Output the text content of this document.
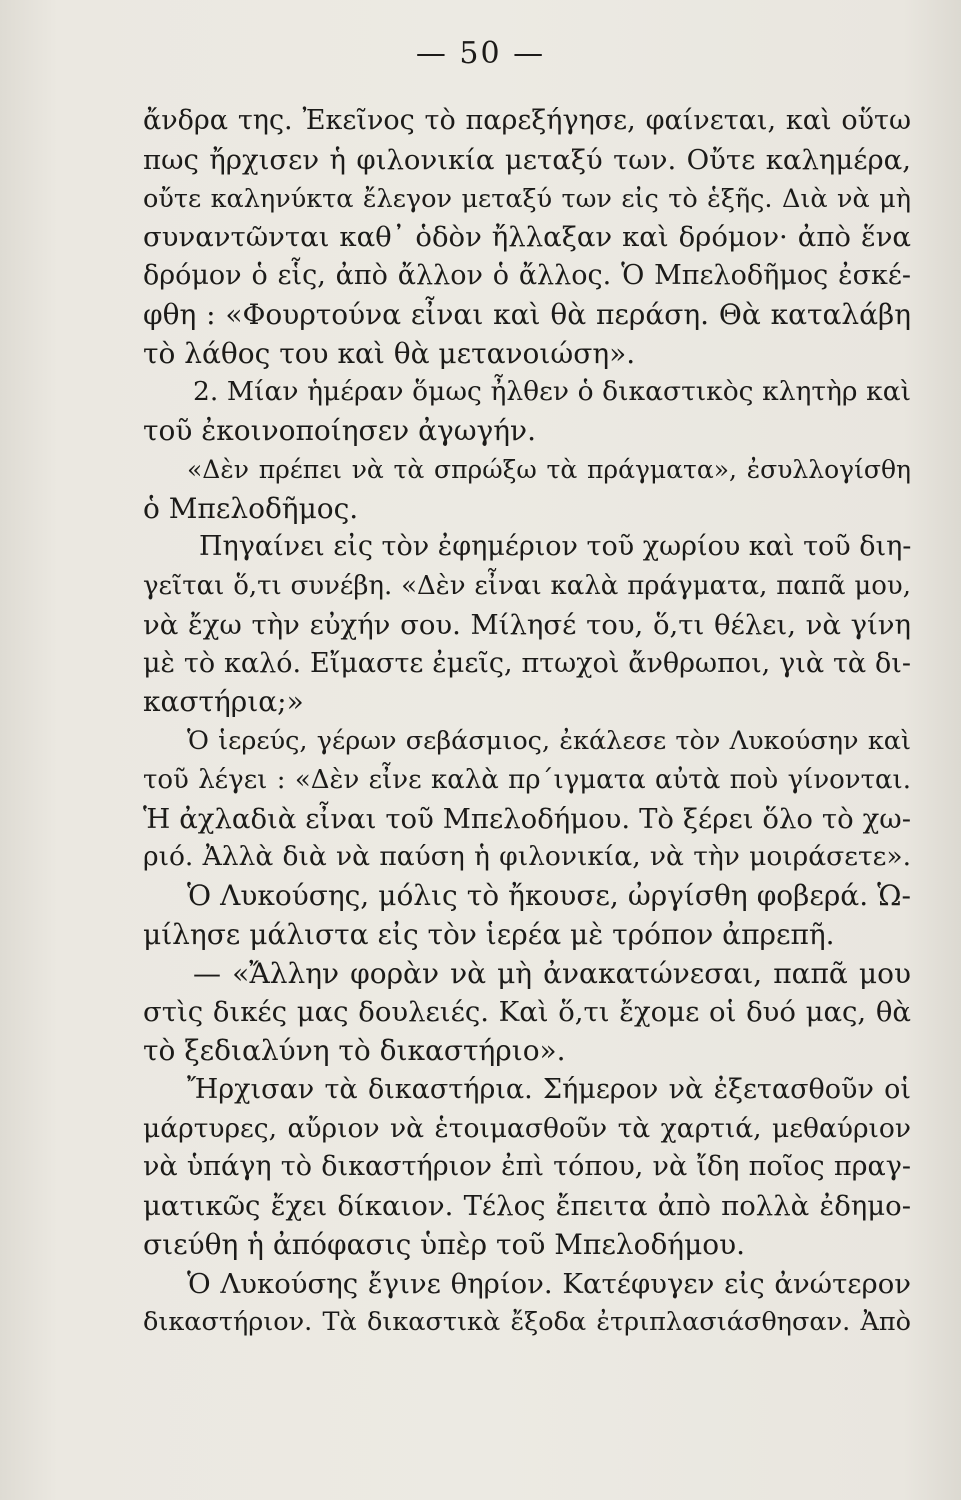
— 50 —
ἄνδρα της. Ἐκεῖνος τὸ παρεξήγησε, φαίνεται, καὶ οὕτω
πως ἤρχισεν ἡ φιλονικία μεταξύ των. Οὔτε καλημέρα,
οὔτε καληνύκτα ἔλεγον μεταξύ των εἰς τὸ ἑξῆς. Διὰ νὰ μὴ
συναντῶνται καθ᾽ ὁδὸν ἤλλαξαν καὶ δρόμον· ἀπὸ ἕνα
δρόμον ὁ εἷς, ἀπὸ ἄλλον ὁ ἄλλος. Ὁ Μπελοδῆμος ἐσκέ-
φθη : «Φουρτούνα εἶναι καὶ θὰ περάση. Θὰ καταλάβη
τὸ λάθος του καὶ θὰ μετανοιώση».
2. Μίαν ἡμέραν ὅμως ἦλθεν ὁ δικαστικὸς κλητὴρ καὶ
τοῦ ἐκοινοποίησεν ἀγωγήν.
«Δὲν πρέπει νὰ τὰ σπρώξω τὰ πράγματα», ἐσυλλογίσθη
ὁ Μπελοδῆμος.
Πηγαίνει εἰς τὸν ἐφημέριον τοῦ χωρίου καὶ τοῦ διη-
γεῖται ὅ,τι συνέβη. «Δὲν εἶναι καλὰ πράγματα, παπᾶ μου,
νὰ ἔχω τὴν εὐχήν σου. Μίλησέ του, ὅ,τι θέλει, νὰ γίνη
μὲ τὸ καλό. Εἴμαστε ἐμεῖς, πτωχοὶ ἄνθρωποι, γιὰ τὰ δι-
καστήρια;»
Ὁ ἱερεύς, γέρων σεβάσμιος, ἐκάλεσε τὸν Λυκούσην καὶ
τοῦ λέγει : «Δὲν εἶνε καλὰ πρ΄ιγματα αὐτὰ ποὺ γίνονται.
Ἡ ἀχλαδιὰ εἶναι τοῦ Μπελοδήμου. Τὸ ξέρει ὅλο τὸ χω-
ριό. Ἀλλὰ διὰ νὰ παύση ἡ φιλονικία, νὰ τὴν μοιράσετε».
Ὁ Λυκούσης, μόλις τὸ ἤκουσε, ὠργίσθη φοβερά. Ὡ-
μίλησε μάλιστα εἰς τὸν ἱερέα μὲ τρόπον ἀπρεπῆ.
— «Ἄλλην φορὰν νὰ μὴ ἀνακατώνεσαι, παπᾶ μου
στὶς δικές μας δουλειές. Καὶ ὅ,τι ἔχομε οἱ δυό μας, θὰ
τὸ ξεδιαλύνη τὸ δικαστήριο».
Ἤρχισαν τὰ δικαστήρια. Σήμερον νὰ ἐξετασθοῦν οἱ
μάρτυρες, αὔριον νὰ ἑτοιμασθοῦν τὰ χαρτιά, μεθαύριον
νὰ ὑπάγη τὸ δικαστήριον ἐπὶ τόπου, νὰ ἴδη ποῖος πραγ-
ματικῶς ἔχει δίκαιον. Τέλος ἔπειτα ἀπὸ πολλὰ ἐδημο-
σιεύθη ἡ ἀπόφασις ὑπὲρ τοῦ Μπελοδήμου.
Ὁ Λυκούσης ἔγινε θηρίον. Κατέφυγεν εἰς ἀνώτερον
δικαστήριον. Τὰ δικαστικὰ ἔξοδα ἐτριπλασιάσθησαν. Ἀπὸ
